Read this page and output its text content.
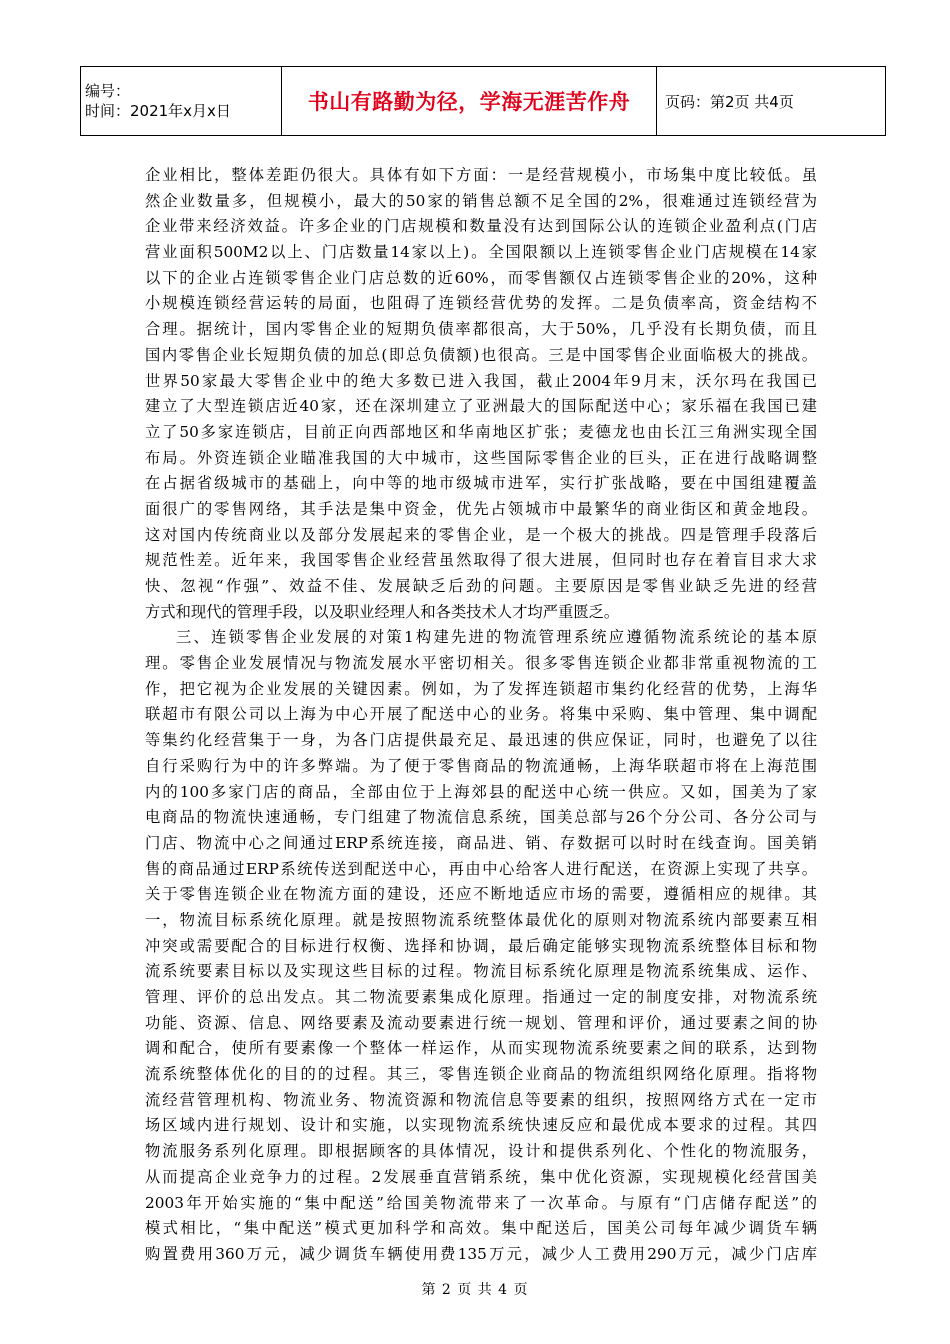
编号：
时间：2021年x月x日	书山有路勤为径，学海无涯苦作舟	页码：第2页 共4页
企业相比，整体差距仍很大。具体有如下方面：一是经营规模小，市场集中度比较低。虽
然企业数量多，但规模小，最大的50家的销售总额不足全国的2%，很难通过连锁经营为
企业带来经济效益。许多企业的门店规模和数量没有达到国际公认的连锁企业盈利点(门店
营业面积500M2以上、门店数量14家以上)。全国限额以上连锁零售企业门店规模在14家
以下的企业占连锁零售企业门店总数的近60%，而零售额仅占连锁零售企业的20%，这种
小规模连锁经营运转的局面，也阻碍了连锁经营优势的发挥。二是负债率高，资金结构不
合理。据统计，国内零售企业的短期负债率都很高，大于50%，几乎没有长期负债，而且
国内零售企业长短期负债的加总(即总负债额)也很高。三是中国零售企业面临极大的挑战。
世界50家最大零售企业中的绝大多数已进入我国，截止2004年9月末，沃尔玛在我国已
建立了大型连锁店近40家，还在深圳建立了亚洲最大的国际配送中心；家乐福在我国已建
立了50多家连锁店，目前正向西部地区和华南地区扩张；麦德龙也由长江三角洲实现全国
布局。外资连锁企业瞄准我国的大中城市，这些国际零售企业的巨头，正在进行战略调整
在占据省级城市的基础上，向中等的地市级城市进军，实行扩张战略，要在中国组建覆盖
面很广的零售网络，其手法是集中资金，优先占领城市中最繁华的商业街区和黄金地段。
这对国内传统商业以及部分发展起来的零售企业，是一个极大的挑战。四是管理手段落后
规范性差。近年来，我国零售企业经营虽然取得了很大进展，但同时也存在着盲目求大求
快、忽视“作强”、效益不佳、发展缺乏后劲的问题。主要原因是零售业缺乏先进的经营
方式和现代的管理手段，以及职业经理人和各类技术人才均严重匮乏。
三、连锁零售企业发展的对策1构建先进的物流管理系统应遵循物流系统论的基本原
理。零售企业发展情况与物流发展水平密切相关。很多零售连锁企业都非常重视物流的工
作，把它视为企业发展的关键因素。例如，为了发挥连锁超市集约化经营的优势，上海华
联超市有限公司以上海为中心开展了配送中心的业务。将集中采购、集中管理、集中调配
等集约化经营集于一身，为各门店提供最充足、最迅速的供应保证，同时，也避免了以往
自行采购行为中的许多弊端。为了便于零售商品的物流通畅，上海华联超市将在上海范围
内的100多家门店的商品，全部由位于上海郊县的配送中心统一供应。又如，国美为了家
电商品的物流快速通畅，专门组建了物流信息系统，国美总部与26个分公司、各分公司与
门店、物流中心之间通过ERP系统连接，商品进、销、存数据可以时时在线查询。国美销
售的商品通过ERP系统传送到配送中心，再由中心给客人进行配送，在资源上实现了共享。
关于零售连锁企业在物流方面的建设，还应不断地适应市场的需要，遵循相应的规律。其
一，物流目标系统化原理。就是按照物流系统整体最优化的原则对物流系统内部要素互相
冲突或需要配合的目标进行权衡、选择和协调，最后确定能够实现物流系统整体目标和物
流系统要素目标以及实现这些目标的过程。物流目标系统化原理是物流系统集成、运作、
管理、评价的总出发点。其二物流要素集成化原理。指通过一定的制度安排，对物流系统
功能、资源、信息、网络要素及流动要素进行统一规划、管理和评价，通过要素之间的协
调和配合，使所有要素像一个整体一样运作，从而实现物流系统要素之间的联系，达到物
流系统整体优化的目的的过程。其三，零售连锁企业商品的物流组织网络化原理。指将物
流经营管理机构、物流业务、物流资源和物流信息等要素的组织，按照网络方式在一定市
场区域内进行规划、设计和实施，以实现物流系统快速反应和最优成本要求的过程。其四
物流服务系列化原理。即根据顾客的具体情况，设计和提供系列化、个性化的物流服务，
从而提高企业竞争力的过程。2发展垂直营销系统，集中优化资源，实现规模化经营国美
2003年开始实施的“集中配送”给国美物流带来了一次革命。与原有“门店储存配送”的
模式相比，“集中配送”模式更加科学和高效。集中配送后，国美公司每年减少调货车辆
购置费用360万元，减少调货车辆使用费135万元，减少人工费用290万元，减少门店库
第 2 页 共 4 页
